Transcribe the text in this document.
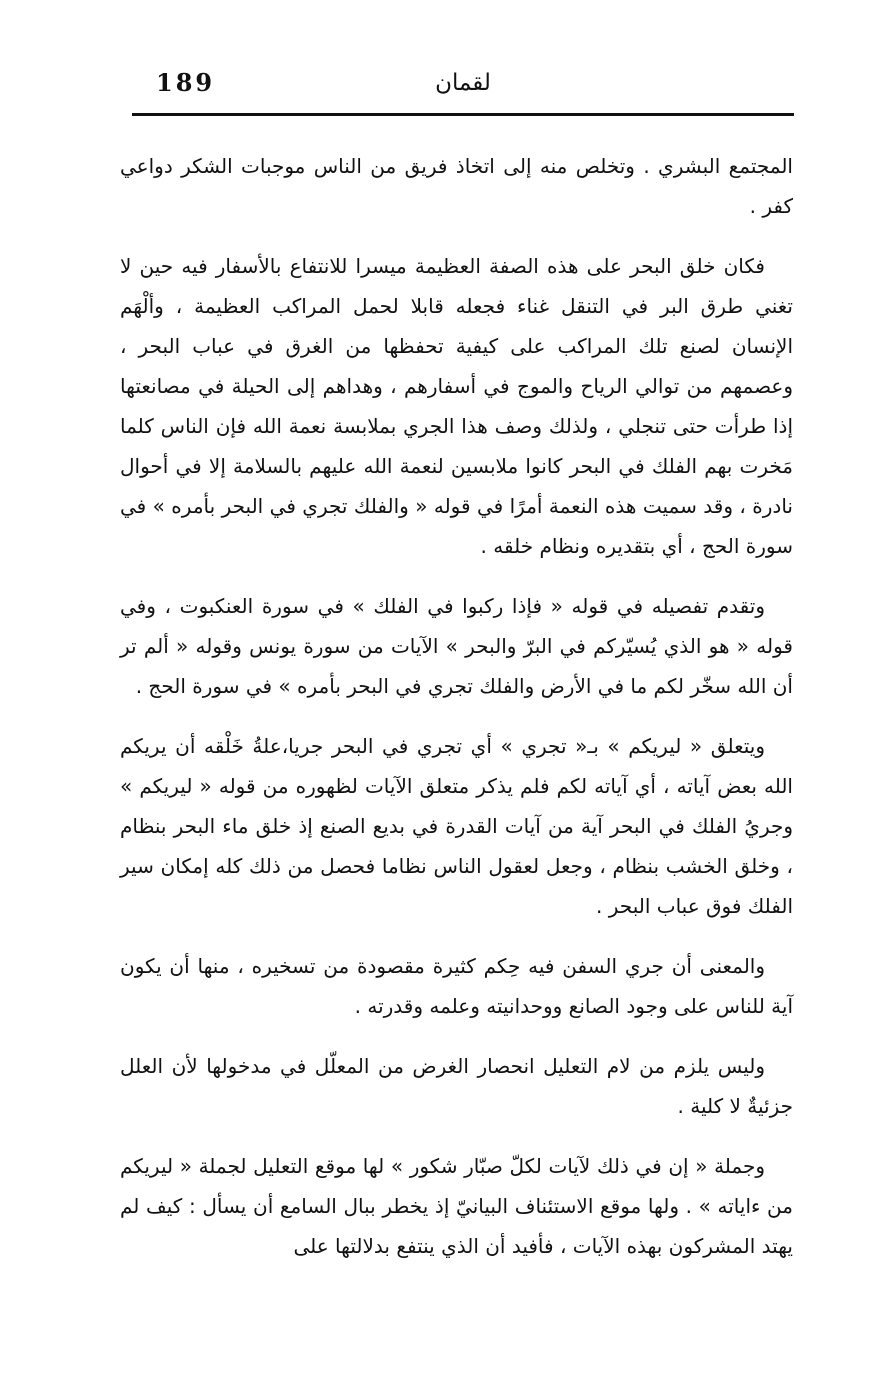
189	لقمان

المجتمع البشري . وتخلص منه إلى اتخاذ فريق من الناس موجبات الشكر دواعي كفر .

فكان خلق البحر على هذه الصفة العظيمة ميسرا للانتفاع بالأسفار فيه حين لا تغني طرق البر في التنقل غناء فجعله قابلا لحمل المراكب العظيمة ، وألْهَم الإنسان لصنع تلك المراكب على كيفية تحفظها من الغرق في عباب البحر ، وعصمهم من توالي الرياح والموج في أسفارهم ، وهداهم إلى الحيلة في مصانعتها إذا طرأت حتى تنجلي ، ولذلك وصف هذا الجري بملابسة نعمة الله فإن الناس كلما مَخرت بهم الفلك في البحر كانوا ملابسين لنعمة الله عليهم بالسلامة إلا في أحوال نادرة ، وقد سميت هذه النعمة أمرًا في قوله « والفلك تجري في البحر بأمره » في سورة الحج ، أي بتقديره ونظام خلقه .

وتقدم تفصيله في قوله « فإذا ركبوا في الفلك » في سورة العنكبوت ، وفي قوله « هو الذي يُسيّركم في البرّ والبحر » الآيات من سورة يونس وقوله « ألم تر أن الله سخّر لكم ما في الأرض والفلك تجري في البحر بأمره » في سورة الحج .

ويتعلق « ليريكم » بـ« تجري » أي تجري في البحر جريا،علةُ خَلْقه أن يريكم الله بعض آياته ، أي آياته لكم فلم يذكر متعلق الآيات لظهوره من قوله « ليريكم » وجريُ الفلك في البحر آية من آيات القدرة في بديع الصنع إذ خلق ماء البحر بنظام ، وخلق الخشب بنظام ، وجعل لعقول الناس نظاما فحصل من ذلك كله إمكان سير الفلك فوق عباب البحر .

والمعنى أن جري السفن فيه حِكم كثيرة مقصودة من تسخيره ، منها أن يكون آية للناس على وجود الصانع ووحدانيته وعلمه وقدرته .

وليس يلزم من لام التعليل انحصار الغرض من المعلّل في مدخولها لأن العلل جزئيةٌ لا كلية .

وجملة « إن في ذلك لآيات لكلّ صبّار شكور » لها موقع التعليل لجملة « ليريكم من ءاياته » . ولها موقع الاستئناف البيانيّ إذ يخطر ببال السامع أن يسأل : كيف لم يهتد المشركون بهذه الآيات ، فأفيد أن الذي ينتفع بدلالتها على
